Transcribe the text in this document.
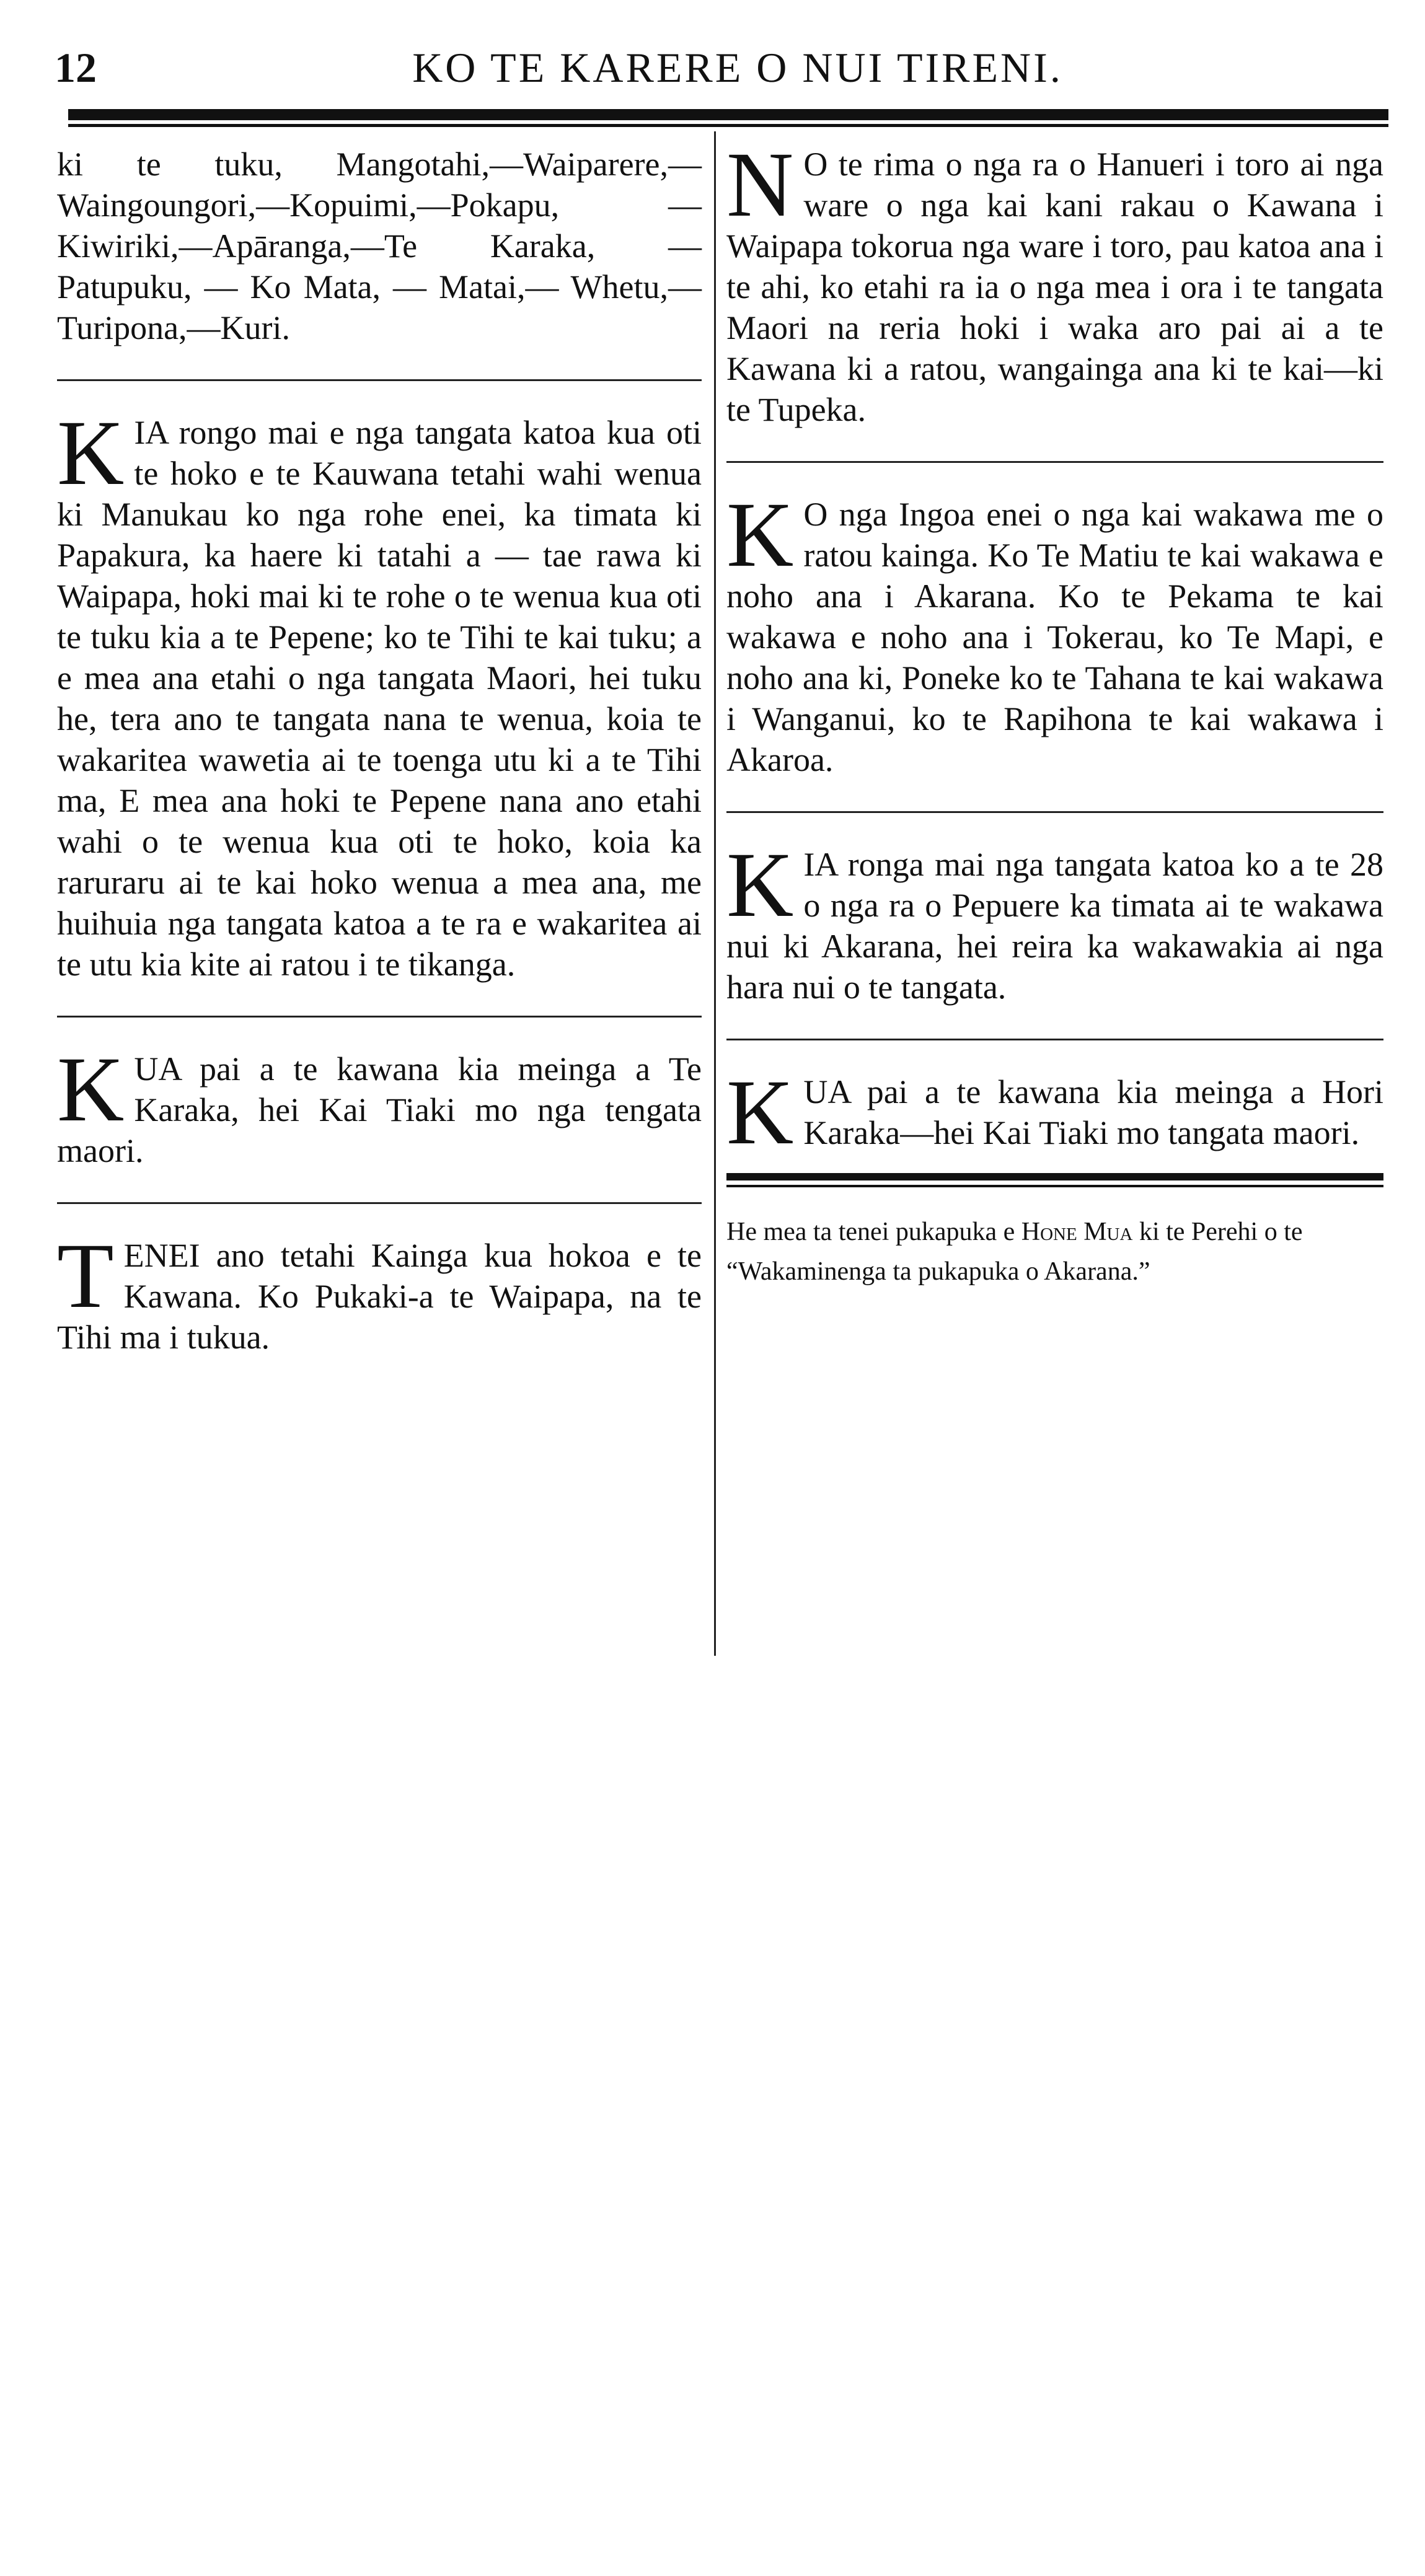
12	KO TE KARERE O NUI TIRENI.

ki te tuku, Mangotahi,—Waiparere,—Waingoungori,—Kopuimi,—Pokapu, —Kiwiriki,—Apāranga,—Te Karaka, — Patupuku, — Ko Mata, — Matai,— Whetu,—Turipona,—Kuri.

K IA rongo mai e nga tangata katoa kua oti te hoko e te Kauwana tetahi wahi wenua ki Manukau ko nga rohe enei, ka timata ki Papakura, ka haere ki tatahi a — tae rawa ki Waipapa, hoki mai ki te rohe o te wenua kua oti te tuku kia a te Pepene; ko te Tihi te kai tuku; a e mea ana etahi o nga tangata Maori, hei tuku he, tera ano te tangata nana te wenua, koia te wakaritea wawetia ai te toenga utu ki a te Tihi ma, E mea ana hoki te Pepene nana ano etahi wahi o te wenua kua oti te hoko, koia ka raruraru ai te kai hoko wenua a mea ana, me huihuia nga tangata katoa a te ra e wakaritea ai te utu kia kite ai ratou i te tikanga.

K UA pai a te kawana kia meinga a Te Karaka, hei Kai Tiaki mo nga tengata maori.

T ENEI ano tetahi Kainga kua hokoa e te Kawana. Ko Pukaki-a te Waipapa, na te Tihi ma i tukua.

N O te rima o nga ra o Hanueri i toro ai nga ware o nga kai kani rakau o Kawana i Waipapa tokorua nga ware i toro, pau katoa ana i te ahi, ko etahi ra ia o nga mea i ora i te tangata Maori na reria hoki i waka aro pai ai a te Kawana ki a ratou, wangainga ana ki te kai—ki te Tupeka.

K O nga Ingoa enei o nga kai wakawa me o ratou kainga. Ko Te Matiu te kai wakawa e noho ana i Akarana. Ko te Pekama te kai wakawa e noho ana i Tokerau, ko Te Mapi, e noho ana ki, Poneke ko te Tahana te kai wakawa i Wanganui, ko te Rapihona te kai wakawa i Akaroa.

K IA ronga mai nga tangata katoa ko a te 28 o nga ra o Pepuere ka timata ai te wakawa nui ki Akarana, hei reira ka wakawakia ai nga hara nui o te tangata.

K UA pai a te kawana kia meinga a Hori Karaka—hei Kai Tiaki mo tangata maori.

He mea ta tenei pukapuka e Hone Mua ki te Perehi o te “Wakaminenga ta pukapuka o Akarana.”
